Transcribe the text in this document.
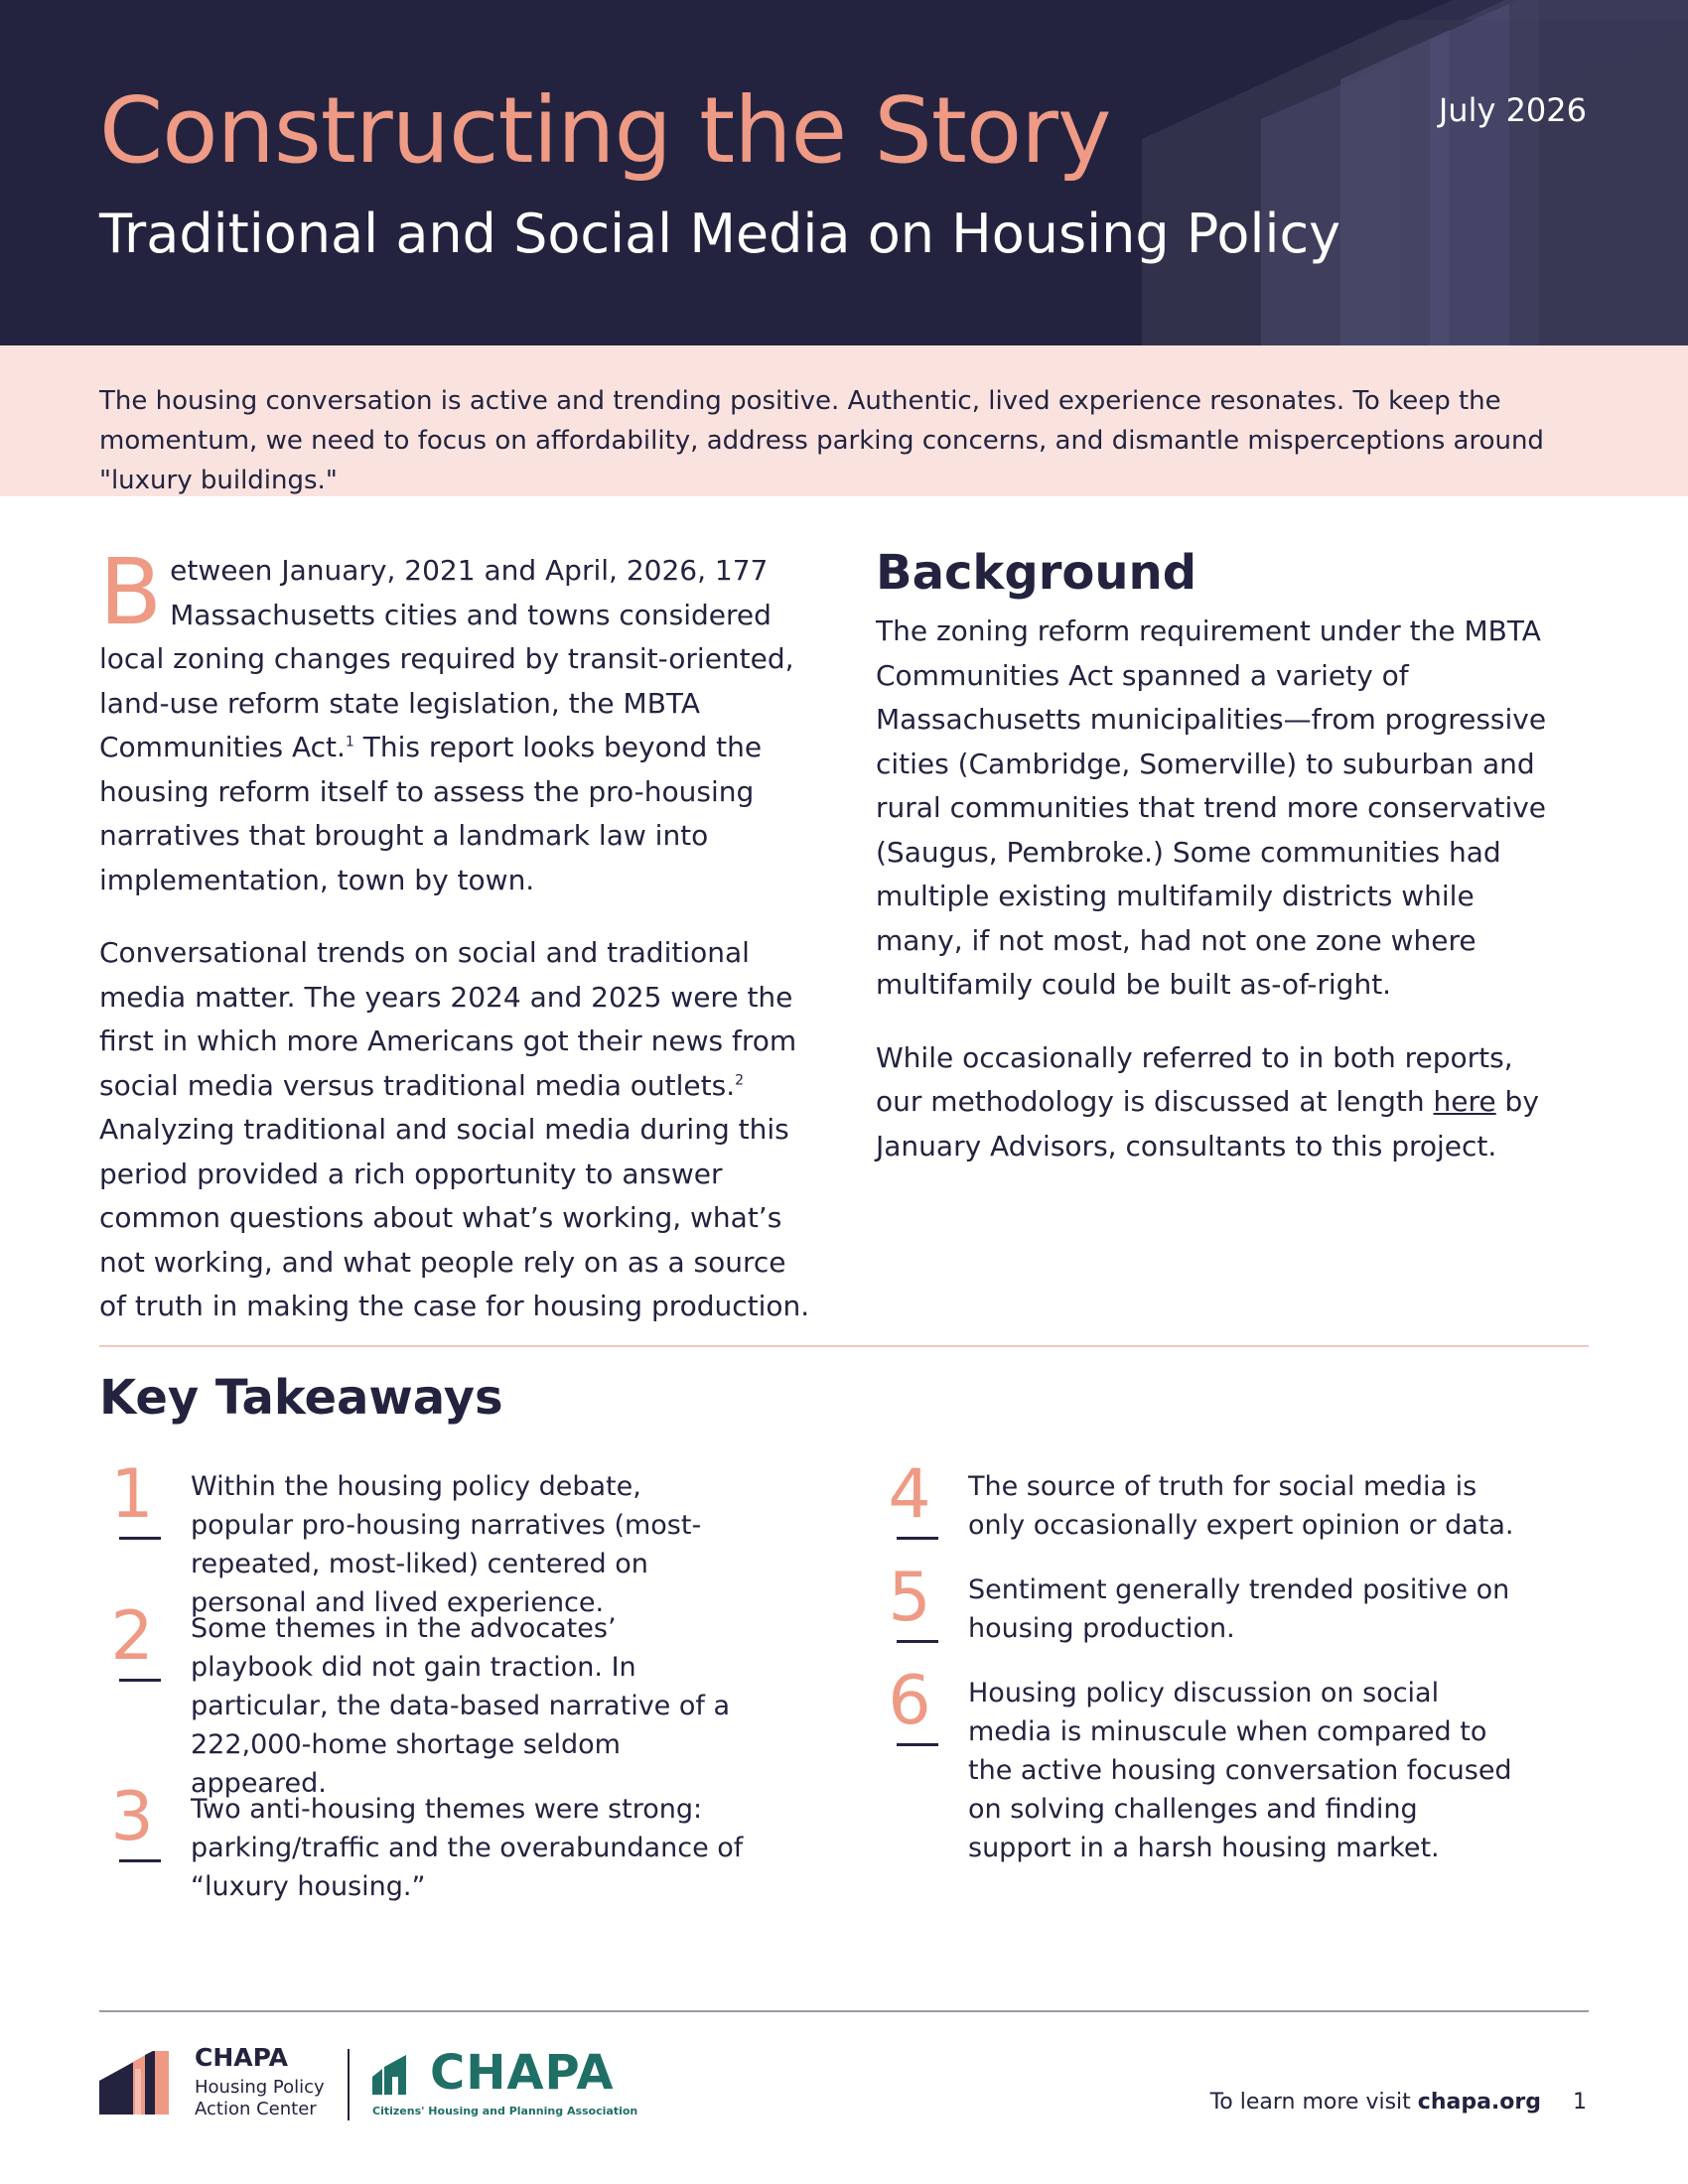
Constructing the Story
Traditional and Social Media on Housing Policy
July 2026

The housing conversation is active and trending positive. Authentic, lived experience resonates. To keep the momentum, we need to focus on affordability, address parking concerns, and dismantle misperceptions around "luxury buildings."

Between January, 2021 and April, 2026, 177 Massachusetts cities and towns considered local zoning changes required by transit-oriented, land-use reform state legislation, the MBTA Communities Act.$^1$ This report looks beyond the housing reform itself to assess the pro-housing narratives that brought a landmark law into implementation, town by town.

Conversational trends on social and traditional media matter. The years 2024 and 2025 were the first in which more Americans got their news from social media versus traditional media outlets.$^2$ Analyzing traditional and social media during this period provided a rich opportunity to answer common questions about what’s working, what’s not working, and what people rely on as a source of truth in making the case for housing production.

Background

The zoning reform requirement under the MBTA Communities Act spanned a variety of Massachusetts municipalities—from progressive cities (Cambridge, Somerville) to suburban and rural communities that trend more conservative (Saugus, Pembroke.) Some communities had multiple existing multifamily districts while many, if not most, had not one zone where multifamily could be built as-of-right.

While occasionally referred to in both reports, our methodology is discussed at length here by January Advisors, consultants to this project.

Key Takeaways
1 Within the housing policy debate, popular pro-housing narratives (most-repeated, most-liked) centered on personal and lived experience.
2 Some themes in the advocates’ playbook did not gain traction. In particular, the data-based narrative of a 222,000-home shortage seldom appeared.
3 Two anti-housing themes were strong: parking/traffic and the overabundance of “luxury housing.”
4 The source of truth for social media is only occasionally expert opinion or data.
5 Sentiment generally trended positive on housing production.
6 Housing policy discussion on social media is minuscule when compared to the active housing conversation focused on solving challenges and finding support in a harsh housing market.
CHAPA
Housing Policy
Action Center
CHAPA
Citizens' Housing and Planning Association	To learn more visit chapa.org 1
